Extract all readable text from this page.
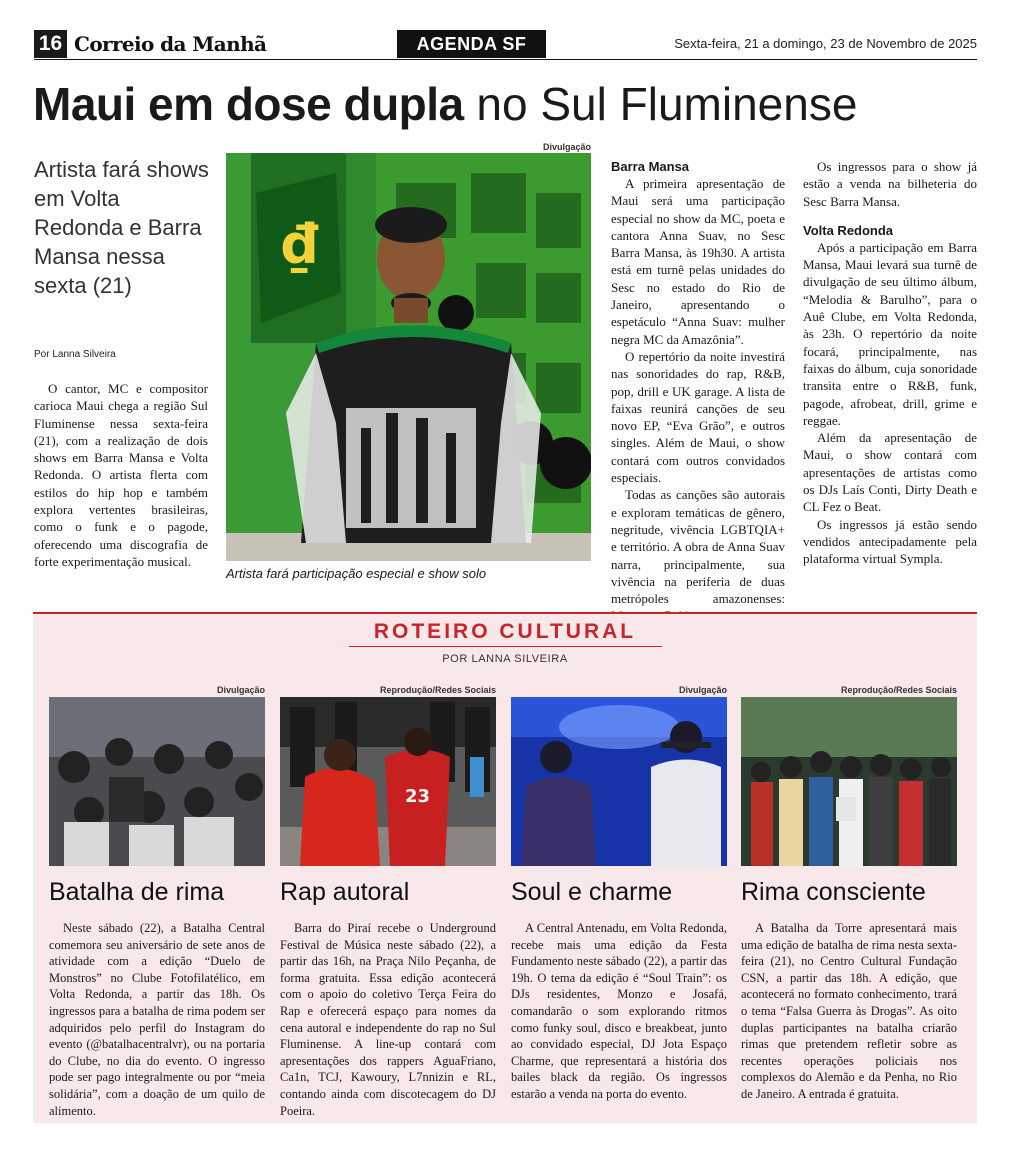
16 Correio da Manhã	AGENDA SF	Sexta-feira, 21 a domingo, 23 de Novembro de 2025
Maui em dose dupla no Sul Fluminense
Artista fará shows em Volta Redonda e Barra Mansa nessa sexta (21)
Por Lanna Silveira

O cantor, MC e compositor carioca Maui chega a região Sul Fluminense nessa sexta-feira (21), com a realização de dois shows em Barra Mansa e Volta Redonda. O artista flerta com estilos do hip hop e também explora vertentes brasileiras, como o funk e o pagode, oferecendo uma discografia de forte experimentação musical.

Divulgação
₫
Artista fará participação especial e show solo
Barra Mansa

A primeira apresentação de Maui será uma participação especial no show da MC, poeta e cantora Anna Suav, no Sesc Barra Mansa, às 19h30. A artista está em turnê pelas unidades do Sesc no estado do Rio de Janeiro, apresentando o espetáculo “Anna Suav: mulher negra MC da Amazônia”.

O repertório da noite investirá nas sonoridades do rap, R&B, pop, drill e UK garage. A lista de faixas reunirá canções de seu novo EP, “Eva Grão”, e outros singles. Além de Maui, o show contará com outros convidados especiais.

Todas as canções são autorais e exploram temáticas de gênero, negritude, vivência LGBTQIA+ e território. A obra de Anna Suav narra, principalmente, sua vivência na periferia de duas metrópoles amazonenses:

Os ingressos para o show já estão a venda na bilheteria do Sesc Barra Mansa.

Volta Redonda

Após a participação em Barra Mansa, Maui levará sua turnê de divulgação de seu último álbum, “Melodia & Barulho”, para o Auê Clube, em Volta Redonda, às 23h. O repertório da noite focará, principalmente, nas faixas do álbum, cuja sonoridade transita entre o R&B, funk, pagode, afrobeat, drill, grime e reggae.

Além da apresentação de Maui, o show contará com apresentações de artistas como os DJs Laís Conti, Dirty Death e CL Fez o Beat.

Os ingressos já estão sendo vendidos antecipadamente pela plataforma virtual Sympla.

ROTEIRO CULTURAL
POR LANNA SILVEIRA
Divulgação
Batalha de rima

Neste sábado (22), a Batalha Central comemora seu aniversário de sete anos de atividade com a edição “Duelo de Monstros” no Clube Fotofilatélico, em Volta Redonda, a partir das 18h. Os ingressos para a batalha de rima podem ser adquiridos pelo perfil do Instagram do evento (@batalhacentralvr), ou na portaria do Clube, no dia do evento. O ingresso pode ser pago integralmente ou por “meia solidária”, com a doação de um quilo de alimento.

Reprodução/Redes Sociais
23
Rap autoral

Barra do Piraí recebe o Underground Festival de Música neste sábado (22), a partir das 16h, na Praça Nilo Peçanha, de forma gratuita. Essa edição acontecerá com o apoio do coletivo Terça Feira do Rap e oferecerá espaço para nomes da cena autoral e independente do rap no Sul Fluminense. A line-up contará com apresentações dos rappers AguaFriano, Ca1n, TCJ, Kawoury, L7nnizin e RL, contando ainda com discotecagem do DJ Poeira.

Divulgação
Soul e charme

A Central Antenadu, em Volta Redonda, recebe mais uma edição da Festa Fundamento neste sábado (22), a partir das 19h. O tema da edição é “Soul Train”: os DJs residentes, Monzo e Josafá, comandarão o som explorando ritmos como funky soul, disco e breakbeat, junto ao convidado especial, DJ Jota Espaço Charme, que representará a história dos bailes black da região. Os ingressos estarão a venda na porta do evento.

Reprodução/Redes Sociais
Rima consciente

A Batalha da Torre apresentará mais uma edição de batalha de rima nesta sexta-feira (21), no Centro Cultural Fundação CSN, a partir das 18h. A edição, que acontecerá no formato conhecimento, trará o tema “Falsa Guerra às Drogas”. As oito duplas participantes na batalha criarão rimas que pretendem refletir sobre as recentes operações policiais nos complexos do Alemão e da Penha, no Rio de Janeiro. A entrada é gratuita.
